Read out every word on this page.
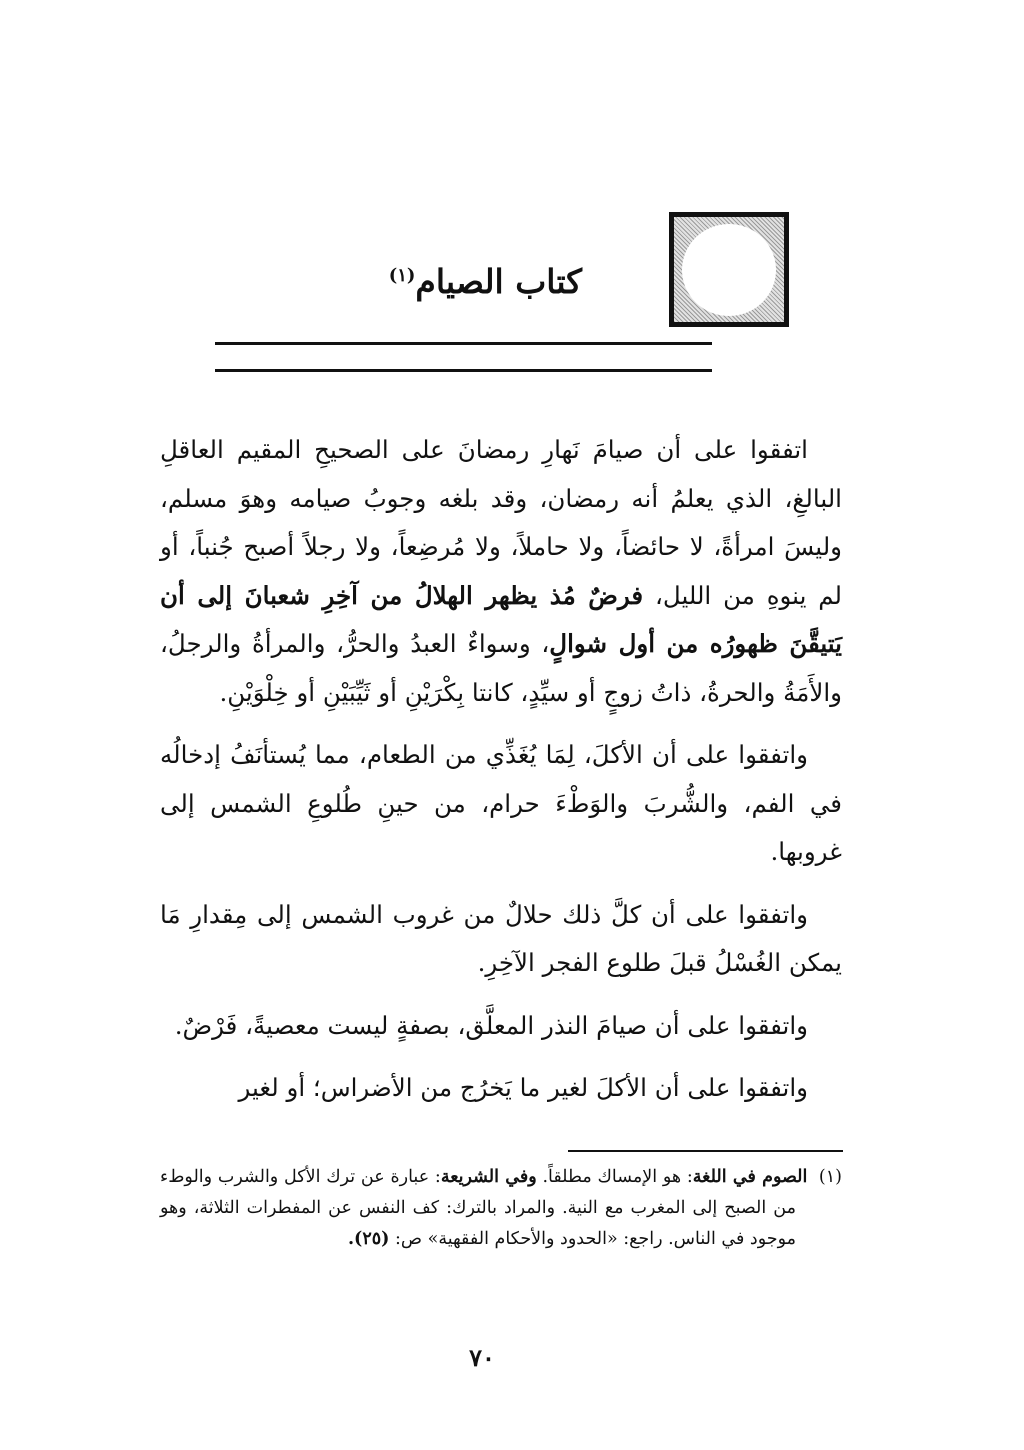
كتاب الصيام$^{(١)}$

اتفقوا على أن صيامَ نَهارِ رمضانَ على الصحيحِ المقيم العاقلِ البالغِ، الذي يعلمُ أنه رمضان، وقد بلغه وجوبُ صيامه وهوَ مسلم، وليسَ امرأةً، لا حائضاً، ولا حاملاً، ولا مُرضِعاً، ولا رجلاً أصبح جُنباً، أو لم ينوهِ من الليل، فرضٌ مُذ يظهر الهلالُ من آخِرِ شعبانَ إلى أن يَتيقَّنَ ظهورُه من أول شوالٍ، وسواءٌ العبدُ والحرُّ، والمرأةُ والرجلُ، والأَمَةُ والحرةُ، ذاتُ زوجٍ أو سيِّدٍ، كانتا بِكْرَيْنِ أو ثَيِّبَيْنِ أو خِلْوَيْنِ.

واتفقوا على أن الأكلَ، لِمَا يُغَذِّي من الطعام، مما يُستأنَفُ إدخالُه في الفم، والشُّربَ والوَطْءَ حرام، من حينِ طُلوعِ الشمس إلى غروبها.

واتفقوا على أن كلَّ ذلك حلالٌ من غروب الشمس إلى مِقدارِ مَا يمكن الغُسْلُ قبلَ طلوع الفجر الآخِرِ.

واتفقوا على أن صيامَ النذر المعلَّق، بصفةٍ ليست معصيةً، فَرْضٌ.

واتفقوا على أن الأكلَ لغير ما يَخرُج من الأضراس؛ أو لغير

(١)  الصوم في اللغة: هو الإمساك مطلقاً. وفي الشريعة: عبارة عن ترك الأكل والشرب والوطء من الصبح إلى المغرب مع النية. والمراد بالترك: كف النفس عن المفطرات الثلاثة، وهو موجود في الناس. راجع: «الحدود والأحكام الفقهية» ص: (٢٥).

٧٠
